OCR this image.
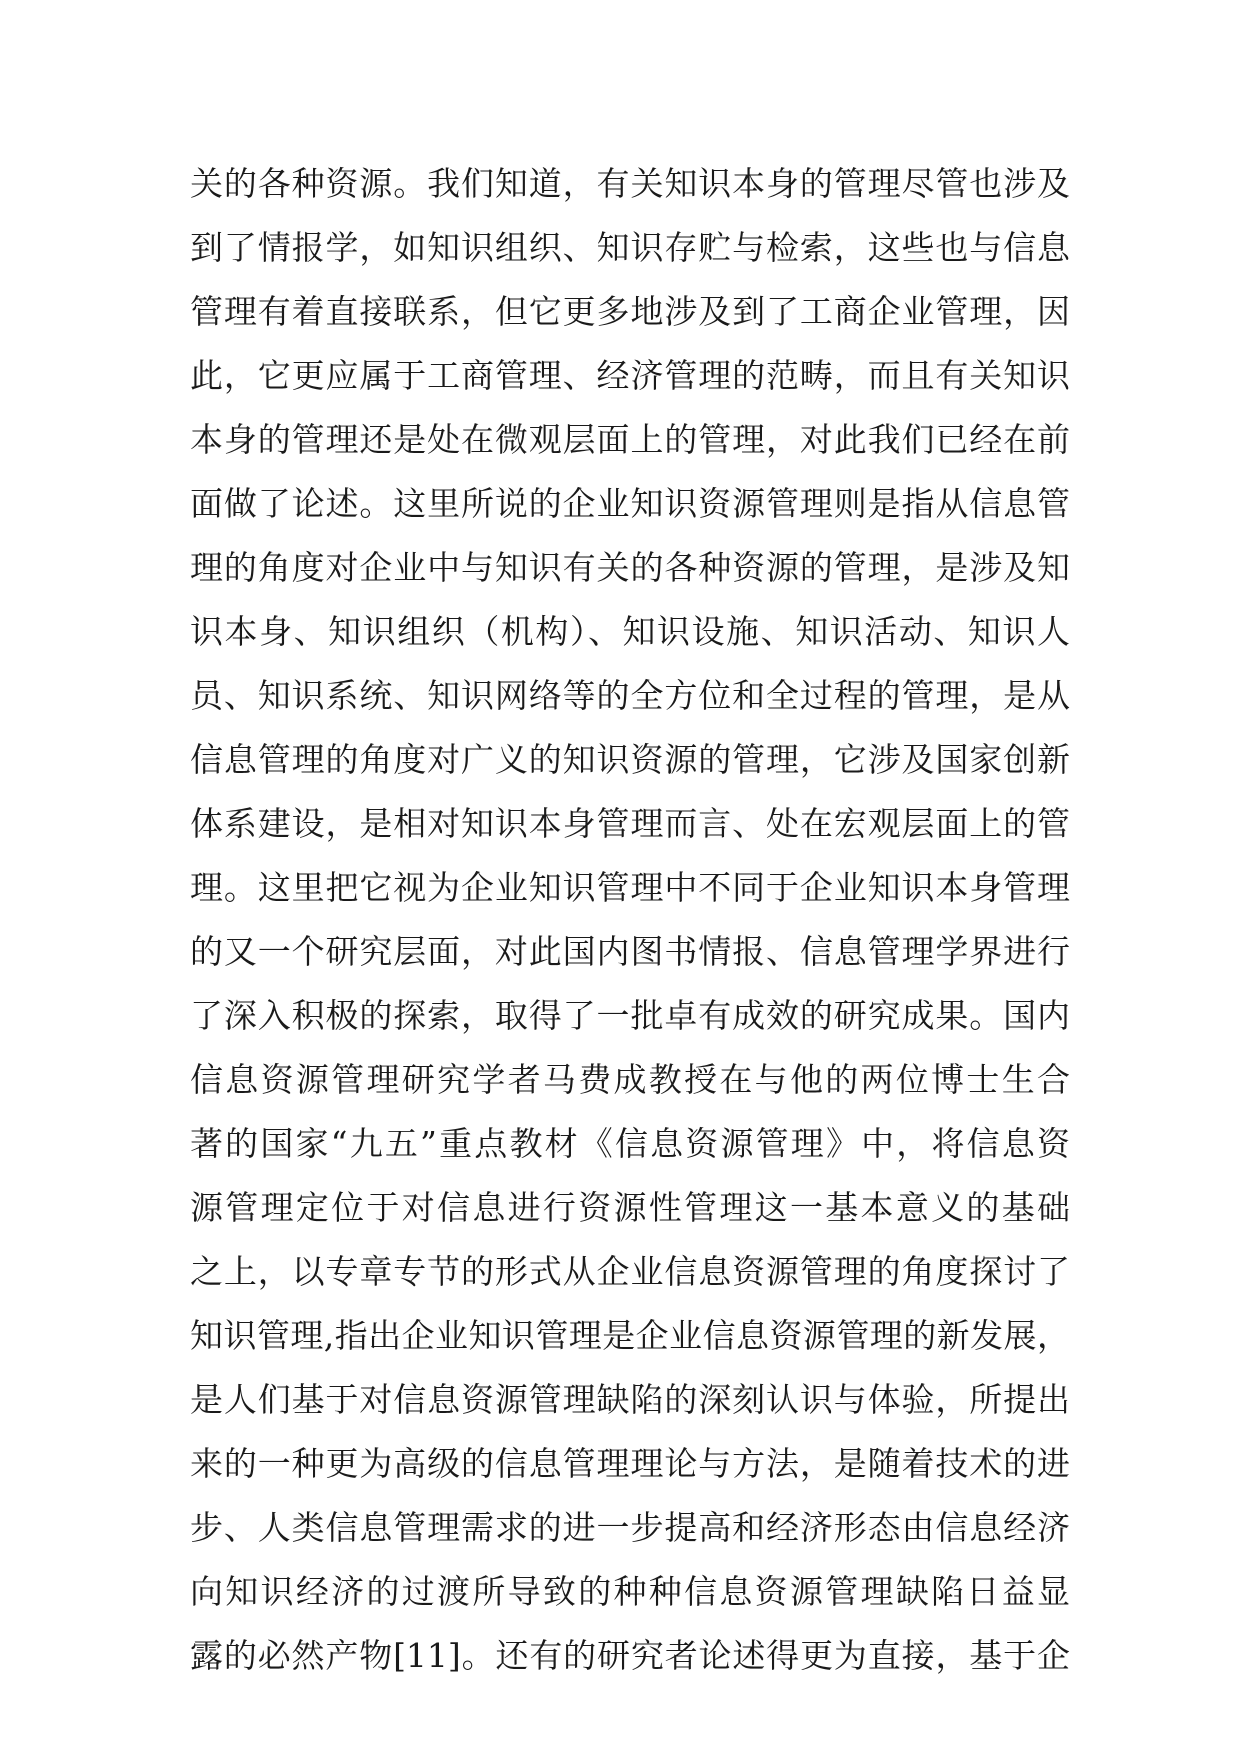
关的各种资源。我们知道，有关知识本身的管理尽管也涉及
到了情报学，如知识组织、知识存贮与检索，这些也与信息
管理有着直接联系，但它更多地涉及到了工商企业管理，因
此，它更应属于工商管理、经济管理的范畴，而且有关知识
本身的管理还是处在微观层面上的管理，对此我们已经在前
面做了论述。这里所说的企业知识资源管理则是指从信息管
理的角度对企业中与知识有关的各种资源的管理，是涉及知
识本身、知识组织（机构）、知识设施、知识活动、知识人
员、知识系统、知识网络等的全方位和全过程的管理，是从
信息管理的角度对广义的知识资源的管理，它涉及国家创新
体系建设，是相对知识本身管理而言、处在宏观层面上的管
理。这里把它视为企业知识管理中不同于企业知识本身管理
的又一个研究层面，对此国内图书情报、信息管理学界进行
了深入积极的探索，取得了一批卓有成效的研究成果。国内
信息资源管理研究学者马费成教授在与他的两位博士生合
著的国家“九五”重点教材《信息资源管理》中，将信息资
源管理定位于对信息进行资源性管理这一基本意义的基础
之上，以专章专节的形式从企业信息资源管理的角度探讨了
知识管理,指出企业知识管理是企业信息资源管理的新发展，
是人们基于对信息资源管理缺陷的深刻认识与体验，所提出
来的一种更为高级的信息管理理论与方法，是随着技术的进
步、人类信息管理需求的进一步提高和经济形态由信息经济
向知识经济的过渡所导致的种种信息资源管理缺陷日益显
露的必然产物[11]。还有的研究者论述得更为直接，基于企
